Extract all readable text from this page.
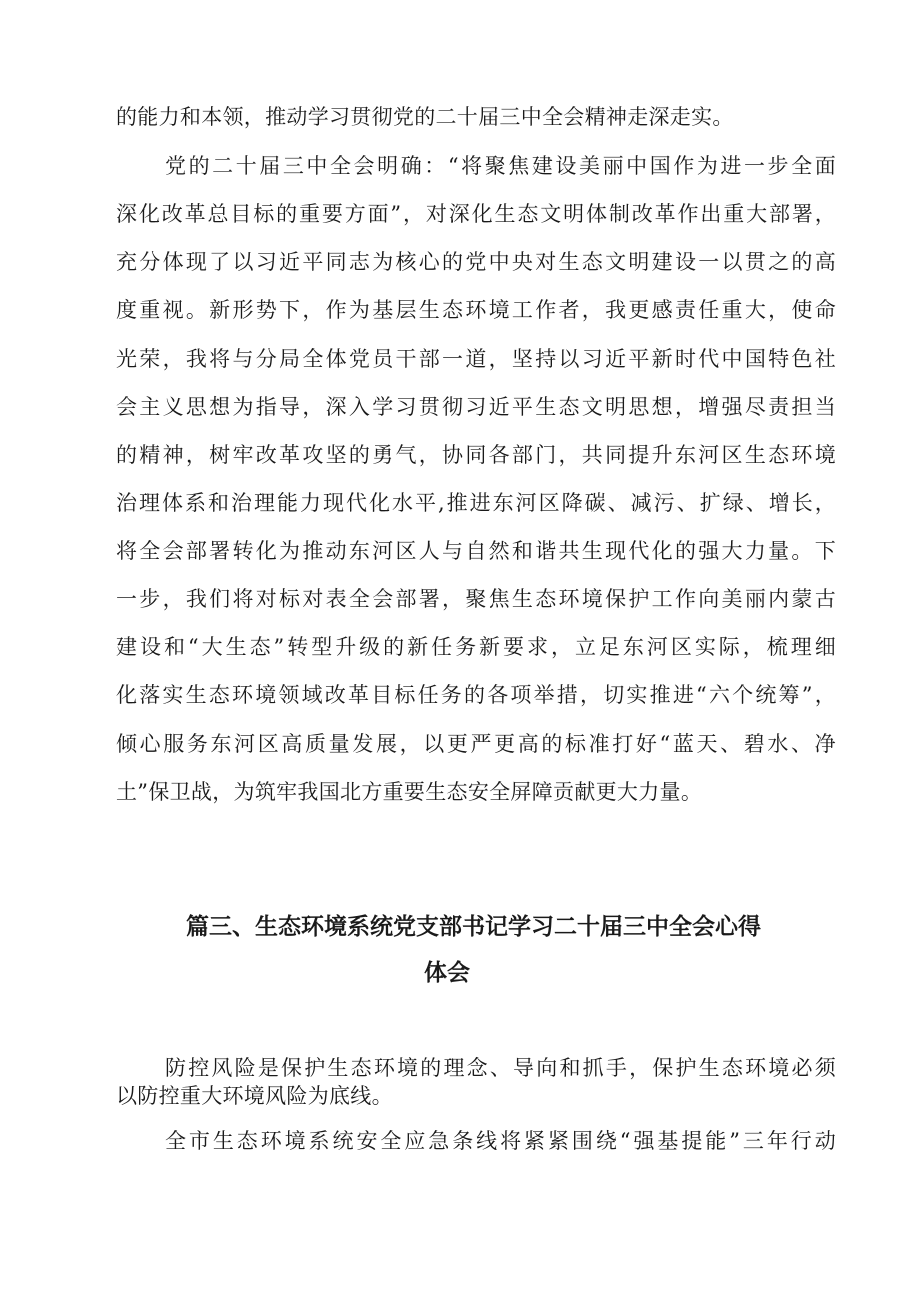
的能力和本领，推动学习贯彻党的二十届三中全会精神走深走实。

党的二十届三中全会明确：“将聚焦建设美丽中国作为进一步全面

深化改革总目标的重要方面”，对深化生态文明体制改革作出重大部署，

充分体现了以习近平同志为核心的党中央对生态文明建设一以贯之的高

度重视。新形势下，作为基层生态环境工作者，我更感责任重大，使命

光荣，我将与分局全体党员干部一道，坚持以习近平新时代中国特色社

会主义思想为指导，深入学习贯彻习近平生态文明思想，增强尽责担当

的精神，树牢改革攻坚的勇气，协同各部门，共同提升东河区生态环境

治理体系和治理能力现代化水平,推进东河区降碳、减污、扩绿、增长，

将全会部署转化为推动东河区人与自然和谐共生现代化的强大力量。下

一步，我们将对标对表全会部署，聚焦生态环境保护工作向美丽内蒙古

建设和“大生态”转型升级的新任务新要求，立足东河区实际，梳理细

化落实生态环境领域改革目标任务的各项举措，切实推进“六个统筹”，

倾心服务东河区高质量发展，以更严更高的标准打好“蓝天、碧水、净

土”保卫战，为筑牢我国北方重要生态安全屏障贡献更大力量。

篇三、生态环境系统党支部书记学习二十届三中全会心得
体会

防控风险是保护生态环境的理念、导向和抓手，保护生态环境必须

以防控重大环境风险为底线。

全市生态环境系统安全应急条线将紧紧围绕“强基提能”三年行动
